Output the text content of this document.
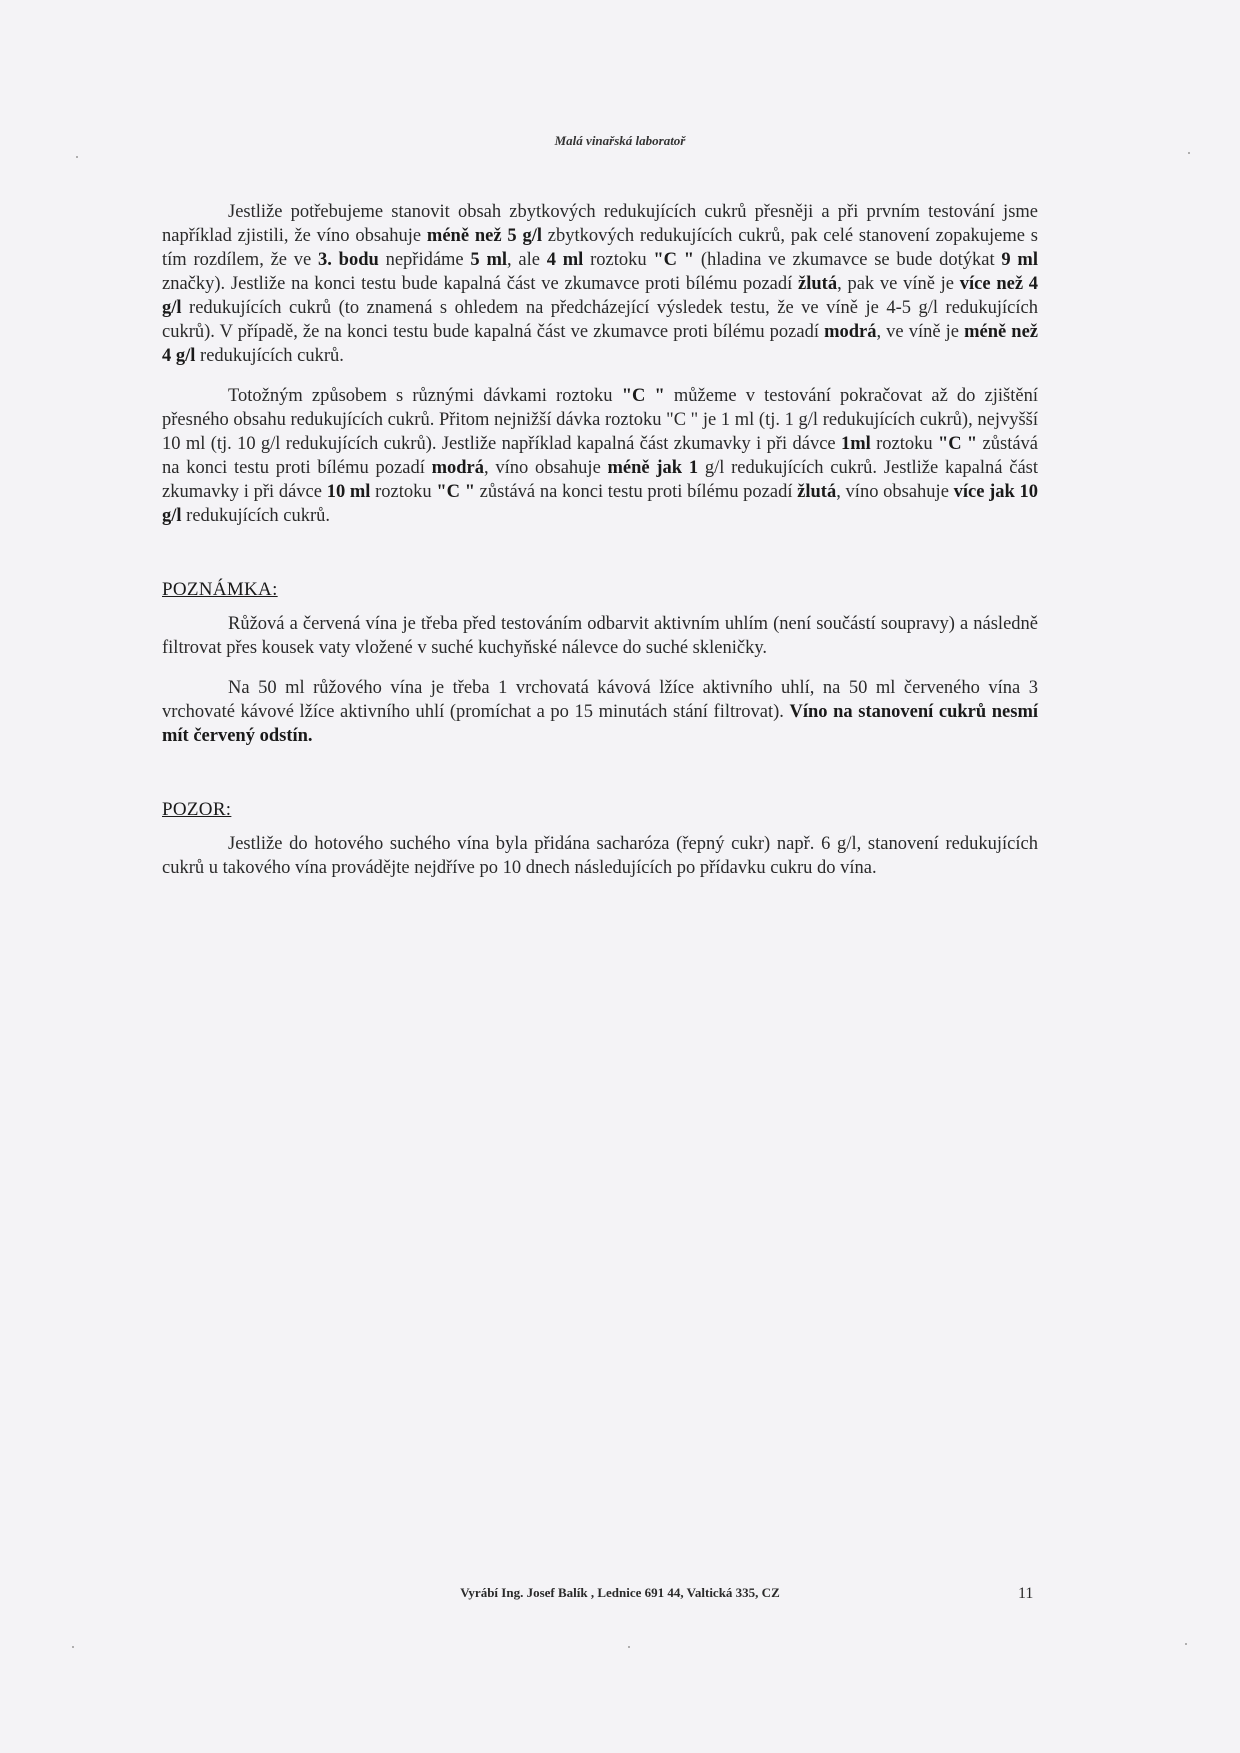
Malá vinařská laboratoř

Jestliže potřebujeme stanovit obsah zbytkových redukujících cukrů přesněji a při prvním testování jsme například zjistili, že víno obsahuje méně než 5 g/l zbytkových redukujících cukrů, pak celé stanovení zopakujeme s tím rozdílem, že ve 3. bodu nepřidáme 5 ml, ale 4 ml roztoku "C " (hladina ve zkumavce se bude dotýkat 9 ml značky). Jestliže na konci testu bude kapalná část ve zkumavce proti bílému pozadí žlutá, pak ve víně je více než 4 g/l redukujících cukrů (to znamená s ohledem na předcházející výsledek testu, že ve víně je 4-5 g/l redukujících cukrů). V případě, že na konci testu bude kapalná část ve zkumavce proti bílému pozadí modrá, ve víně je méně než 4 g/l redukujících cukrů.

Totožným způsobem s různými dávkami roztoku "C " můžeme v testování pokračovat až do zjištění přesného obsahu redukujících cukrů. Přitom nejnižší dávka roztoku "C " je 1 ml (tj. 1 g/l redukujících cukrů), nejvyšší 10 ml (tj. 10 g/l redukujících cukrů). Jestliže například kapalná část zkumavky i při dávce 1ml roztoku "C " zůstává na konci testu proti bílému pozadí modrá, víno obsahuje méně jak 1 g/l redukujících cukrů. Jestliže kapalná část zkumavky i při dávce 10 ml roztoku "C " zůstává na konci testu proti bílému pozadí žlutá, víno obsahuje více jak 10 g/l redukujících cukrů.

POZNÁMKA:

Růžová a červená vína je třeba před testováním odbarvit aktivním uhlím (není součástí soupravy) a následně filtrovat přes kousek vaty vložené v suché kuchyňské nálevce do suché skleničky.

Na 50 ml růžového vína je třeba 1 vrchovatá kávová lžíce aktivního uhlí, na 50 ml červeného vína 3 vrchovaté kávové lžíce aktivního uhlí (promíchat a po 15 minutách stání filtrovat). Víno na stanovení cukrů nesmí mít červený odstín.

POZOR:

Jestliže do hotového suchého vína byla přidána sacharóza (řepný cukr) např. 6 g/l, stanovení redukujících cukrů u takového vína provádějte nejdříve po 10 dnech následujících po přídavku cukru do vína.

Vyrábí Ing. Josef Balík , Lednice 691 44, Valtická 335, CZ	11
